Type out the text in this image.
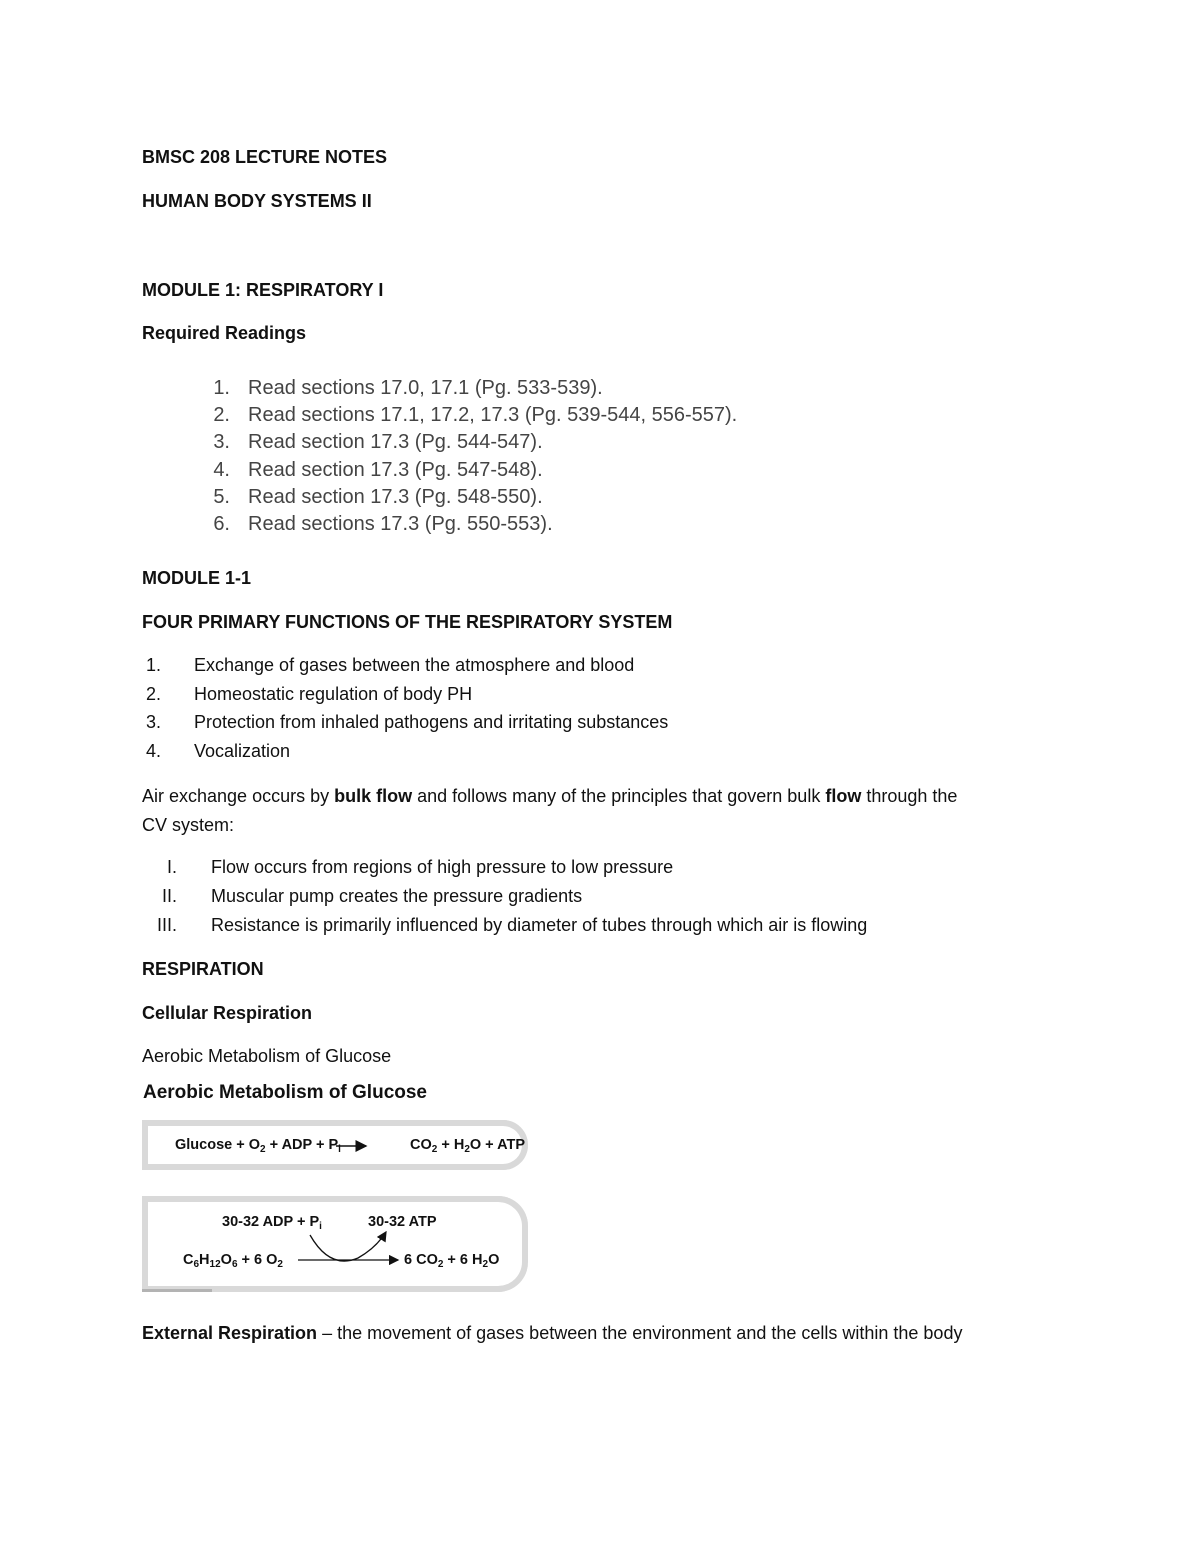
BMSC 208 LECTURE NOTES
HUMAN BODY SYSTEMS II
MODULE 1: RESPIRATORY I
Required Readings
1. Read sections 17.0, 17.1 (Pg. 533-539).
2. Read sections 17.1, 17.2, 17.3 (Pg. 539-544, 556-557).
3. Read section 17.3 (Pg. 544-547).
4. Read section 17.3 (Pg. 547-548).
5. Read section 17.3 (Pg. 548-550).
6. Read sections 17.3 (Pg. 550-553).
MODULE 1-1
FOUR PRIMARY FUNCTIONS OF THE RESPIRATORY SYSTEM
1. Exchange of gases between the atmosphere and blood
2. Homeostatic regulation of body PH
3. Protection from inhaled pathogens and irritating substances
4. Vocalization
Air exchange occurs by bulk flow and follows many of the principles that govern bulk flow through the
CV system:
I. Flow occurs from regions of high pressure to low pressure
II. Muscular pump creates the pressure gradients
III. Resistance is primarily influenced by diameter of tubes through which air is flowing
RESPIRATION
Cellular Respiration
Aerobic Metabolism of Glucose
Aerobic Metabolism of Glucose
$Glucose + O_2$ + ADP + $P_i$	$CO_2 + H_2O$ + ATP
30-32 ADP + $P_i$	30-32 ATP
$C_6H_{12}O_6 + 6$ $O_2$	6 $CO_2 + 6$ $H_2O$
External Respiration – the movement of gases between the environment and the cells within the body
